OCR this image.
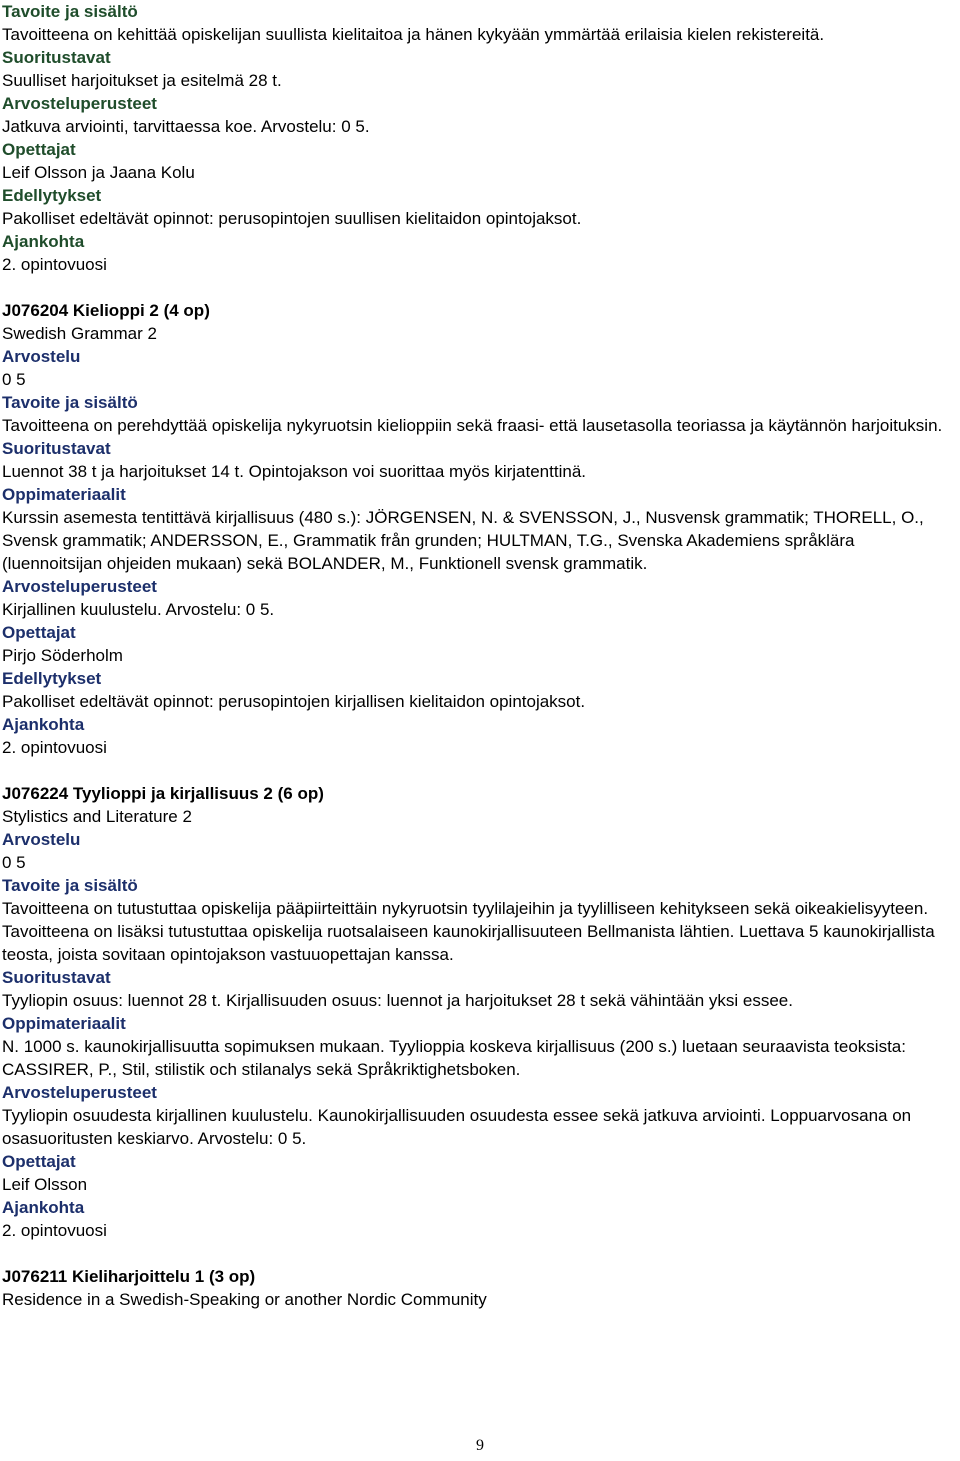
Tavoite ja sisältö

Tavoitteena on kehittää opiskelijan suullista kielitaitoa ja hänen kykyään ymmärtää erilaisia kielen rekistereitä.

Suoritustavat

Suulliset harjoitukset ja esitelmä 28 t.

Arvosteluperusteet

Jatkuva arviointi, tarvittaessa koe. Arvostelu: 0 5.

Opettajat

Leif Olsson ja Jaana Kolu

Edellytykset

Pakolliset edeltävät opinnot: perusopintojen suullisen kielitaidon opintojaksot.

Ajankohta

2. opintovuosi

J076204 Kielioppi 2 (4 op)

Swedish Grammar 2

Arvostelu

0 5

Tavoite ja sisältö

Tavoitteena on perehdyttää opiskelija nykyruotsin kielioppiin sekä fraasi- että lausetasolla teoriassa ja käytännön harjoituksin.

Suoritustavat

Luennot 38 t ja harjoitukset 14 t. Opintojakson voi suorittaa myös kirjatenttinä.

Oppimateriaalit

Kurssin asemesta tentittävä kirjallisuus (480 s.): JÖRGENSEN, N. & SVENSSON, J., Nusvensk grammatik; THORELL, O., Svensk grammatik; ANDERSSON, E., Grammatik från grunden; HULTMAN, T.G., Svenska Akademiens språklära (luennoitsijan ohjeiden mukaan) sekä BOLANDER, M., Funktionell svensk grammatik.

Arvosteluperusteet

Kirjallinen kuulustelu. Arvostelu: 0 5.

Opettajat

Pirjo Söderholm

Edellytykset

Pakolliset edeltävät opinnot: perusopintojen kirjallisen kielitaidon opintojaksot.

Ajankohta

2. opintovuosi

J076224 Tyylioppi ja kirjallisuus 2 (6 op)

Stylistics and Literature 2

Arvostelu

0 5

Tavoite ja sisältö

Tavoitteena on tutustuttaa opiskelija pääpiirteittäin nykyruotsin tyylilajeihin ja tyylilliseen kehitykseen sekä oikeakielisyyteen. Tavoitteena on lisäksi tutustuttaa opiskelija ruotsalaiseen kaunokirjallisuuteen Bellmanista lähtien. Luettava 5 kaunokirjallista teosta, joista sovitaan opintojakson vastuuopettajan kanssa.

Suoritustavat

Tyyliopin osuus: luennot 28 t. Kirjallisuuden osuus: luennot ja harjoitukset 28 t sekä vähintään yksi essee.

Oppimateriaalit

N. 1000 s. kaunokirjallisuutta sopimuksen mukaan. Tyylioppia koskeva kirjallisuus (200 s.) luetaan seuraavista teoksista: CASSIRER, P., Stil, stilistik och stilanalys sekä Språkriktighetsboken.

Arvosteluperusteet

Tyyliopin osuudesta kirjallinen kuulustelu. Kaunokirjallisuuden osuudesta essee sekä jatkuva arviointi. Loppuarvosana on osasuoritusten keskiarvo. Arvostelu: 0 5.

Opettajat

Leif Olsson

Ajankohta

2. opintovuosi

J076211 Kieliharjoittelu 1 (3 op)

Residence in a Swedish-Speaking or another Nordic Community

9
